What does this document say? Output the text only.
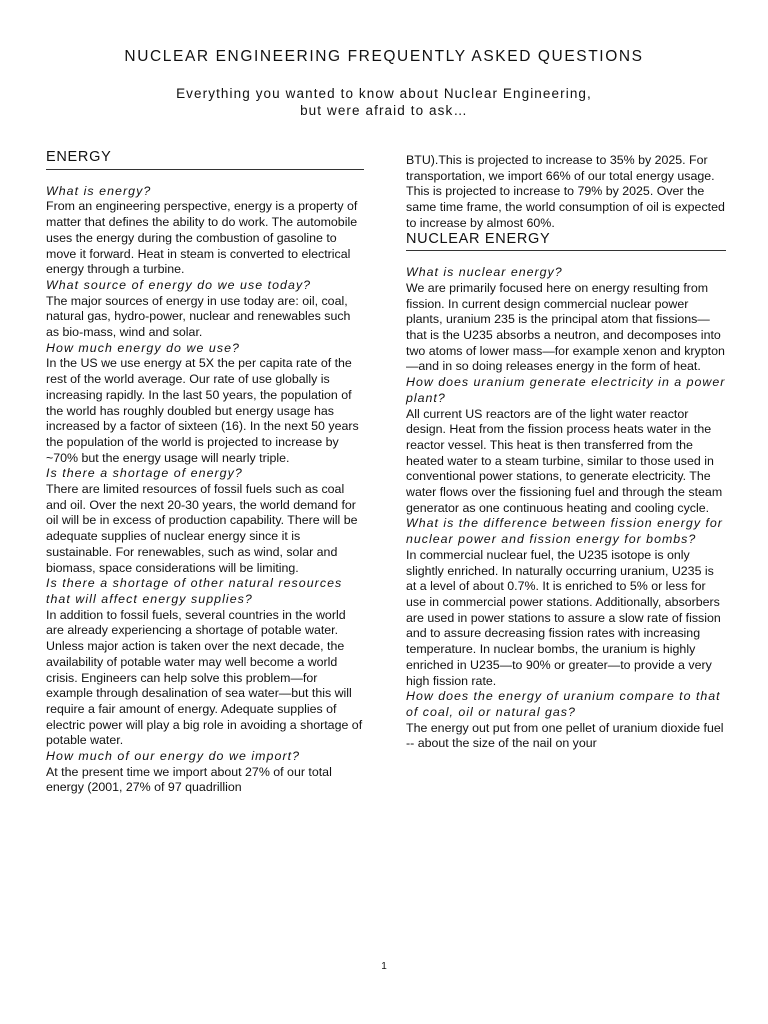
NUCLEAR ENGINEERING FREQUENTLY ASKED QUESTIONS
Everything you wanted to know about Nuclear Engineering,
but were afraid to ask…
ENERGY

What is energy?

From an engineering perspective, energy is a property of matter that defines the ability to do work. The automobile uses the energy during the combustion of gasoline to move it forward. Heat in steam is converted to electrical energy through a turbine.

What source of energy do we use today?

The major sources of energy in use today are: oil, coal, natural gas, hydro-power, nuclear and renewables such as bio-mass, wind and solar.

How much energy do we use?

In the US we use energy at 5X the per capita rate of the rest of the world average. Our rate of use globally is increasing rapidly. In the last 50 years, the population of the world has roughly doubled but energy usage has increased by a factor of sixteen (16). In the next 50 years the population of the world is projected to increase by ~70% but the energy usage will nearly triple.

Is there a shortage of energy?

There are limited resources of fossil fuels such as coal and oil. Over the next 20-30 years, the world demand for oil will be in excess of production capability. There will be adequate supplies of nuclear energy since it is sustainable. For renewables, such as wind, solar and biomass, space considerations will be limiting.

Is there a shortage of other natural resources that will affect energy supplies?

In addition to fossil fuels, several countries in the world are already experiencing a shortage of potable water. Unless major action is taken over the next decade, the availability of potable water may well become a world crisis. Engineers can help solve this problem—for example through desalination of sea water—but this will require a fair amount of energy. Adequate supplies of electric power will play a big role in avoiding a shortage of potable water.

How much of our energy do we import?

At the present time we import about 27% of our total energy (2001, 27% of 97 quadrillion

BTU).This is projected to increase to 35% by 2025. For transportation, we import 66% of our total energy usage. This is projected to increase to 79% by 2025. Over the same time frame, the world consumption of oil is expected to increase by almost 60%.

NUCLEAR ENERGY

What is nuclear energy?

We are primarily focused here on energy resulting from fission. In current design commercial nuclear power plants, uranium 235 is the principal atom that fissions—that is the U235 absorbs a neutron, and decomposes into two atoms of lower mass—for example xenon and krypton—and in so doing releases energy in the form of heat.

How does uranium generate electricity in a power plant?

All current US reactors are of the light water reactor design. Heat from the fission process heats water in the reactor vessel. This heat is then transferred from the heated water to a steam turbine, similar to those used in conventional power stations, to generate electricity. The water flows over the fissioning fuel and through the steam generator as one continuous heating and cooling cycle.

What is the difference between fission energy for nuclear power and fission energy for bombs?

In commercial nuclear fuel, the U235 isotope is only slightly enriched. In naturally occurring uranium, U235 is at a level of about 0.7%. It is enriched to 5% or less for use in commercial power stations. Additionally, absorbers are used in power stations to assure a slow rate of fission and to assure decreasing fission rates with increasing temperature. In nuclear bombs, the uranium is highly enriched in U235—to 90% or greater—to provide a very high fission rate.

How does the energy of uranium compare to that of coal, oil or natural gas?

The energy out put from one pellet of uranium dioxide fuel -- about the size of the nail on your

1
